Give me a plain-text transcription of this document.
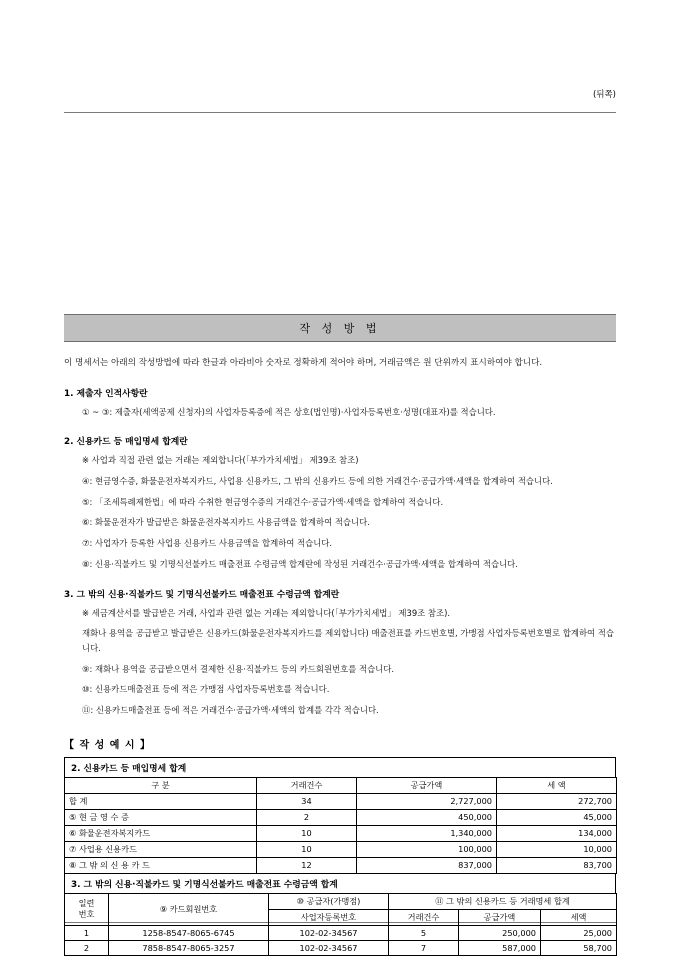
(뒤쪽)
작 성 방 법
이 명세서는 아래의 작성방법에 따라 한글과 아라비아 숫자로 정확하게 적어야 하며, 거래금액은 원 단위까지 표시하여야 합니다.
1. 제출자 인적사항란
① ~ ③: 제출자(세액공제 신청자)의 사업자등록증에 적은 상호(법인명)·사업자등록번호·성명(대표자)를 적습니다.
2. 신용카드 등 매입명세 합계란
※ 사업과 직접 관련 없는 거래는 제외합니다(「부가가치세법」 제39조 참조)
④: 현금영수증, 화물운전자복지카드, 사업용 신용카드, 그 밖의 신용카드 등에 의한 거래건수·공급가액·세액을 합계하여 적습니다.
⑤: 「조세특례제한법」에 따라 수취한 현금영수증의 거래건수·공급가액·세액을 합계하여 적습니다.
⑥: 화물운전자가 발급받은 화물운전자복지카드 사용금액을 합계하여 적습니다.
⑦: 사업자가 등록한 사업용 신용카드 사용금액을 합계하여 적습니다.
⑧: 신용·직불카드 및 기명식선불카드 매출전표 수령금액 합계란에 작성된 거래건수·공급가액·세액을 합계하여 적습니다.
3. 그 밖의 신용·직불카드 및 기명식선불카드 매출전표 수령금액 합계란
※ 세금계산서를 발급받은 거래, 사업과 관련 없는 거래는 제외합니다(「부가가치세법」 제39조 참조).
재화나 용역을 공급받고 발급받은 신용카드(화물운전자복지카드를 제외합니다) 매출전표를 카드번호별, 가맹점 사업자등록번호별로 합계하여 적습니다.
⑨: 재화나 용역을 공급받으면서 결제한 신용·직불카드 등의 카드회원번호를 적습니다.
⑩: 신용카드매출전표 등에 적은 가맹점 사업자등록번호를 적습니다.
⑪: 신용카드매출전표 등에 적은 거래건수·공급가액·세액의 합계를 각각 적습니다.
【 작 성 예 시 】
2. 신용카드 등 매입명세 합계
구 분	거래건수	공급가액	세 액
합 계	34	2,727,000	272,700
⑤ 현 금 영 수 증	2	450,000	45,000
⑥ 화물운전자복지카드	10	1,340,000	134,000
⑦ 사업용 신용카드	10	100,000	10,000
⑧ 그 밖 의 신 용 카 드	12	837,000	83,700
3. 그 밖의 신용·직불카드 및 기명식선불카드 매출전표 수령금액 합계
일련
번호	⑨ 카드회원번호	⑩ 공급자(가맹점)	⑪ 그 밖의 신용카드 등 거래명세 합계		
		사업자등록번호	거래건수	공급가액	세액
1	1258-8547-8065-6745	102-02-34567	5	250,000	25,000
2	7858-8547-8065-3257	102-02-34567	7	587,000	58,700
